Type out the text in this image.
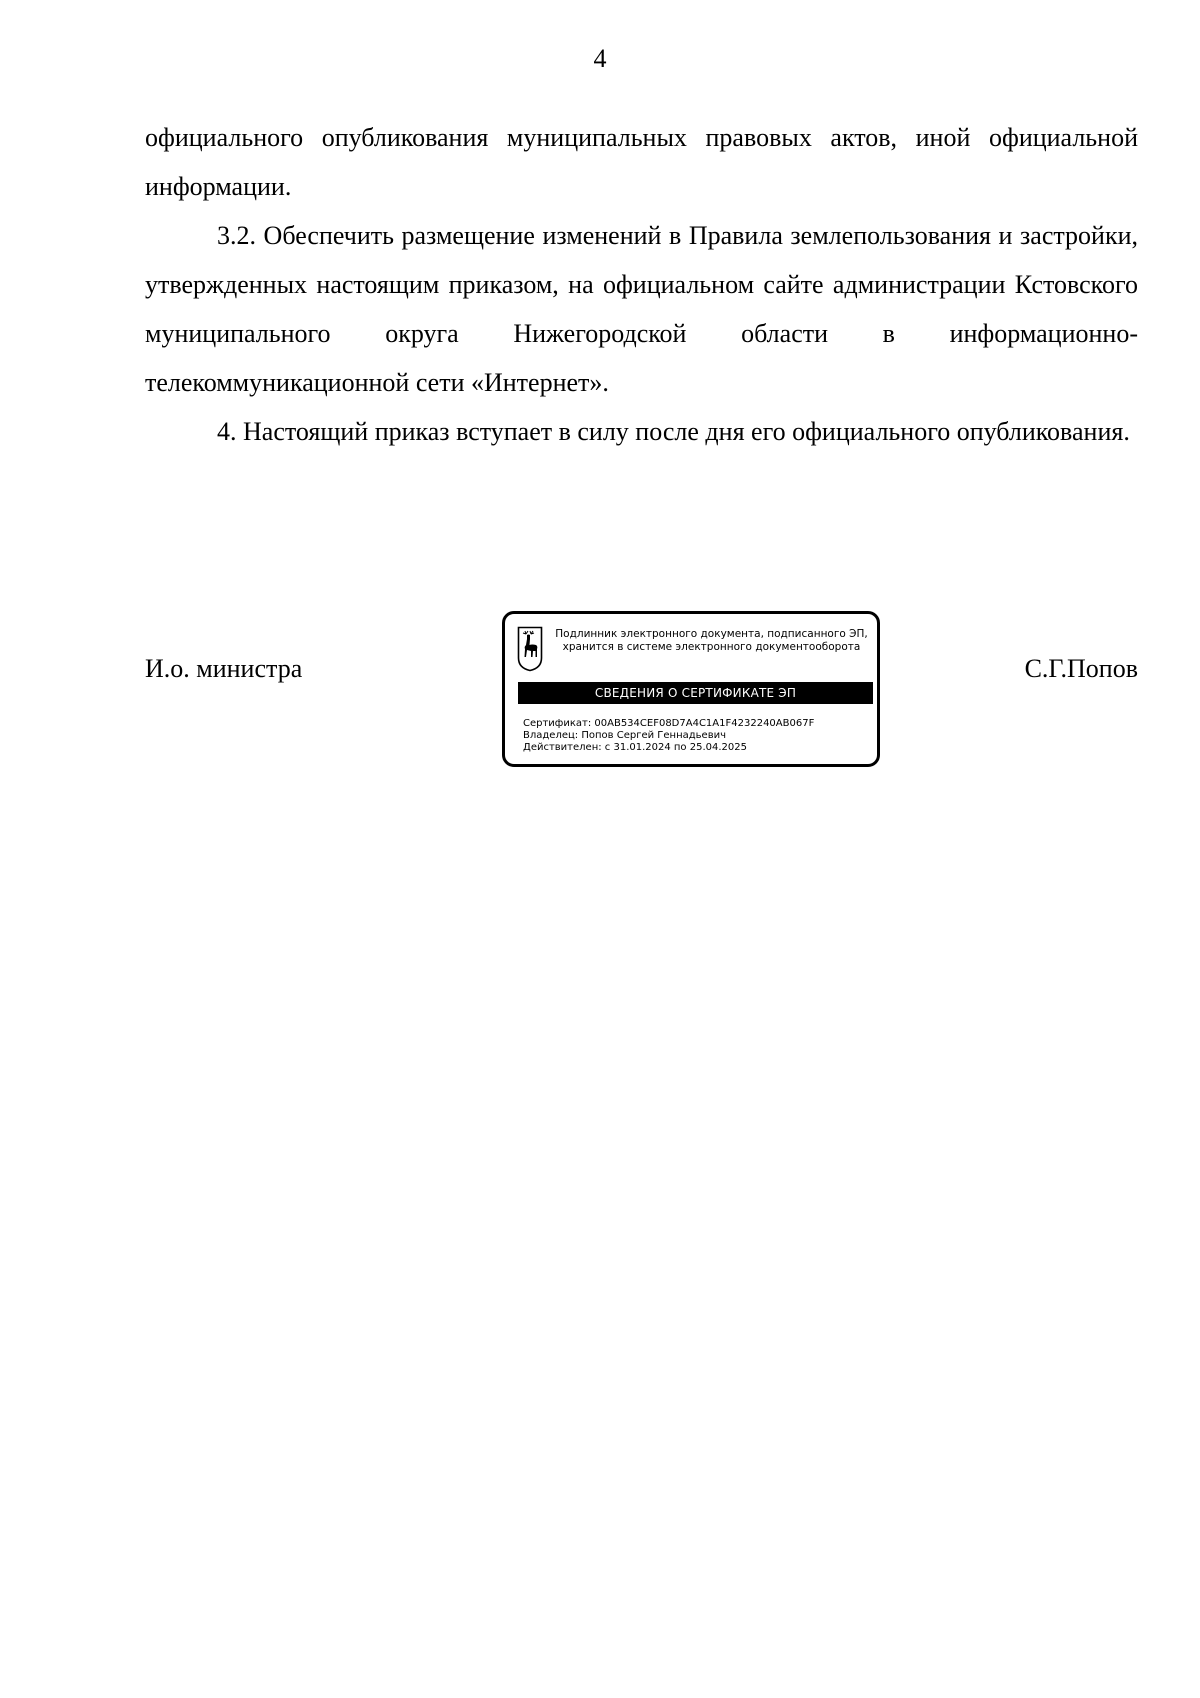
4

официального опубликования муниципальных правовых актов, иной официальной информации.

3.2. Обеспечить размещение изменений в Правила землепользования и застройки, утвержденных настоящим приказом, на официальном сайте администрации Кстовского муниципального округа Нижегородской области в информационно-телекоммуникационной сети «Интернет».

4. Настоящий приказ вступает в силу после дня его официального опубликования.

И.о. министра
Подлинник электронного документа, подписанного ЭП,
хранится в системе электронного документооборота
СВЕДЕНИЯ О СЕРТИФИКАТЕ ЭП
Сертификат: 00AB534CEF08D7A4C1A1F4232240AB067F
Владелец: Попов Сергей Геннадьевич
Действителен: с 31.01.2024 по 25.04.2025
С.Г.Попов
